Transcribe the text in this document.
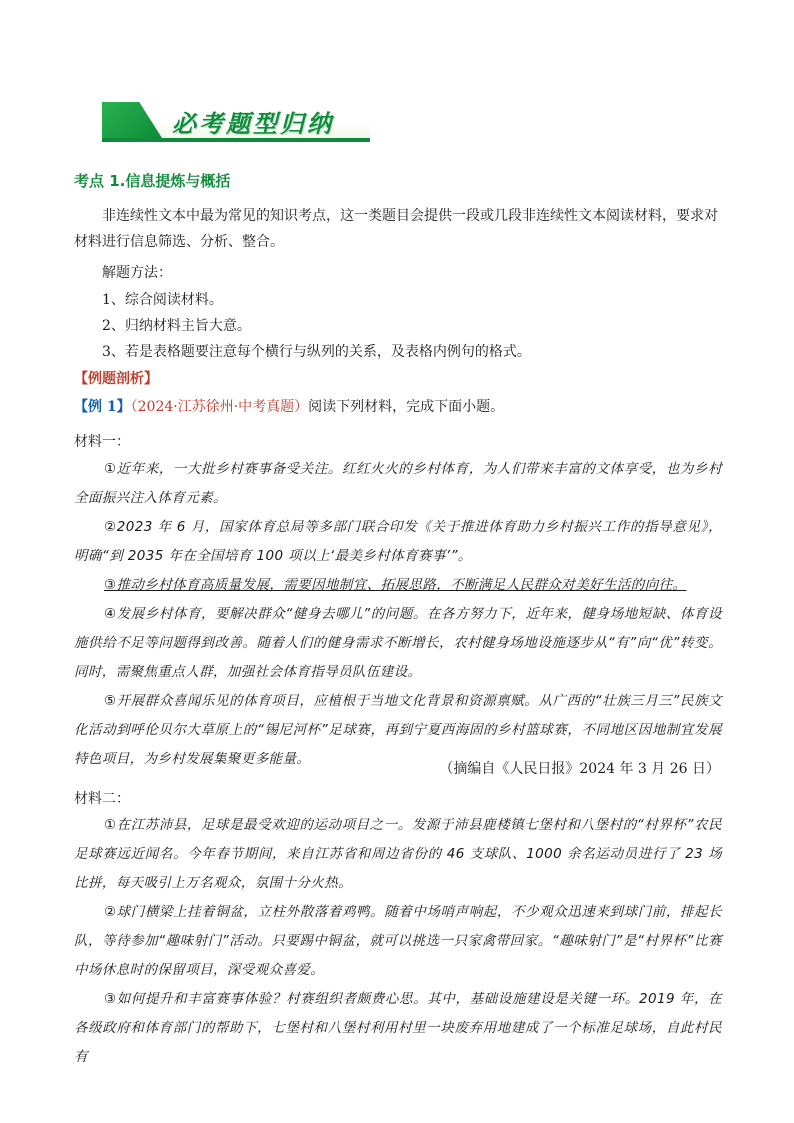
必考题型归纳
考点 1.信息提炼与概括
非连续性文本中最为常见的知识考点，这一类题目会提供一段或几段非连续性文本阅读材料，要求对材料进行信息筛选、分析、整合。
解题方法：
1、综合阅读材料。
2、归纳材料主旨大意。
3、若是表格题要注意每个横行与纵列的关系，及表格内例句的格式。
【例题剖析】
【例 1】（2024·江苏徐州·中考真题）阅读下列材料，完成下面小题。
材料一：

①近年来，一大批乡村赛事备受关注。红红火火的乡村体育，为人们带来丰富的文体享受，也为乡村全面振兴注入体育元素。

②2023 年 6 月，国家体育总局等多部门联合印发《关于推进体育助力乡村振兴工作的指导意见》，明确“到 2035 年在全国培育 100 项以上‘最美乡村体育赛事’”。

③推动乡村体育高质量发展，需要因地制宜、拓展思路，不断满足人民群众对美好生活的向往。

④发展乡村体育，要解决群众“健身去哪儿”的问题。在各方努力下，近年来，健身场地短缺、体育设施供给不足等问题得到改善。随着人们的健身需求不断增长，农村健身场地设施逐步从“有”向“优”转变。同时，需聚焦重点人群，加强社会体育指导员队伍建设。

⑤开展群众喜闻乐见的体育项目，应植根于当地文化背景和资源禀赋。从广西的“壮族三月三”民族文化活动到呼伦贝尔大草原上的“锡尼河杯”足球赛，再到宁夏西海固的乡村篮球赛，不同地区因地制宜发展特色项目，为乡村发展集聚更多能量。

（摘编自《人民日报》2024 年 3 月 26 日）
材料二：

①在江苏沛县，足球是最受欢迎的运动项目之一。发源于沛县鹿楼镇七堡村和八堡村的“村界杯”农民足球赛远近闻名。今年春节期间，来自江苏省和周边省份的 46 支球队、1000 余名运动员进行了 23 场比拼，每天吸引上万名观众，氛围十分火热。

②球门横梁上挂着铜盆，立柱外散落着鸡鸭。随着中场哨声响起，不少观众迅速来到球门前，排起长队，等待参加“趣味射门”活动。只要踢中铜盆，就可以挑选一只家禽带回家。“趣味射门”是“村界杯”比赛中场休息时的保留项目，深受观众喜爱。

③如何提升和丰富赛事体验？村赛组织者颇费心思。其中，基础设施建设是关键一环。2019 年，在各级政府和体育部门的帮助下，七堡村和八堡村利用村里一块废弃用地建成了一个标准足球场，自此村民有
